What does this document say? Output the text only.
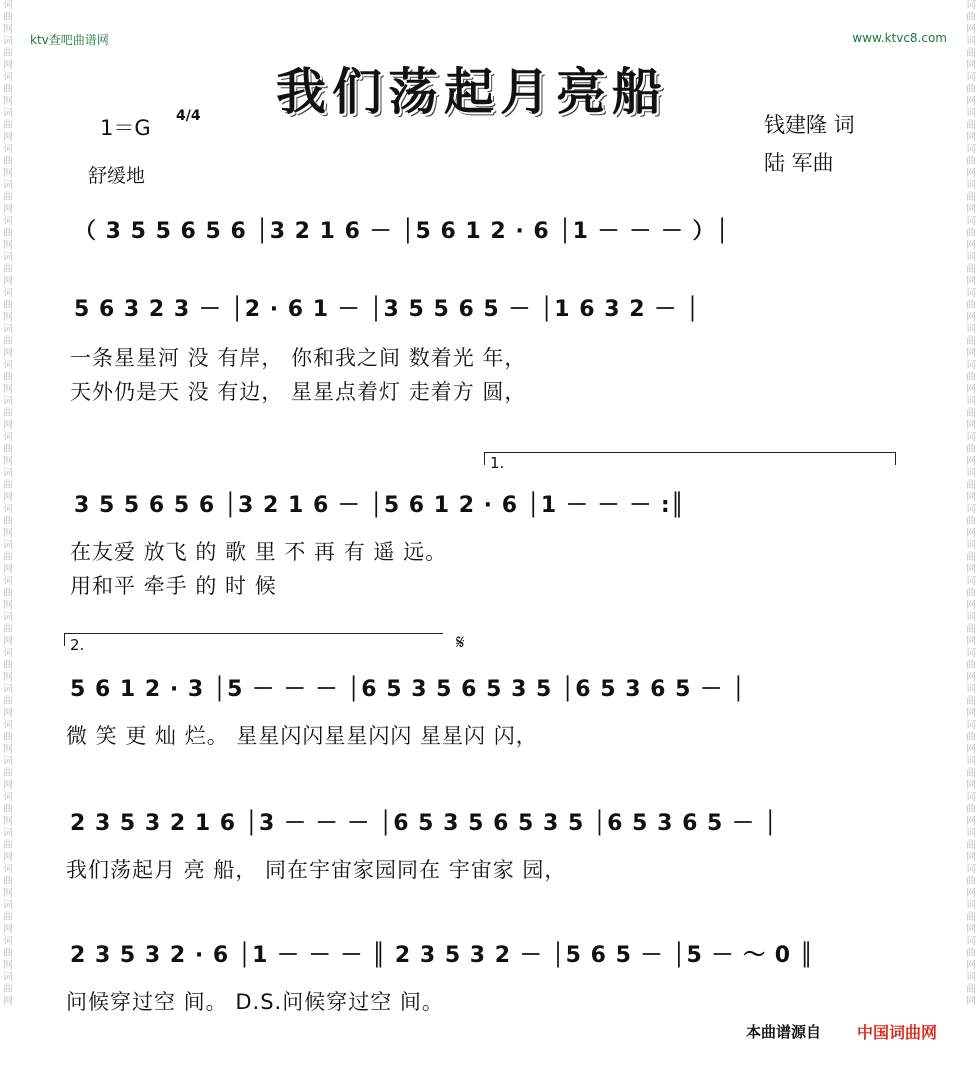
词曲网词曲网词曲网词曲网词曲网词曲网词曲网词曲网词曲网词曲网词曲网词曲网词曲网词曲网词曲网词曲网词曲网词曲网词曲网词曲网词曲网词曲网词曲网词曲网词曲网词曲网词曲网词曲网
词曲网词曲网词曲网词曲网词曲网词曲网词曲网词曲网词曲网词曲网词曲网词曲网词曲网词曲网词曲网词曲网词曲网词曲网词曲网词曲网词曲网词曲网词曲网词曲网词曲网词曲网词曲网词曲网
ktv查吧曲谱网	www.ktvc8.com
我们荡起月亮船
1＝G 4/4
舒缓地
钱建隆 词
陆 军曲
（ 3 5 5 6 5 6 │3 2 1 6 － │5 6 1 2 · 6 │1 － － － ）│
5 6 3 2 3 － │2 · 6 1 － │3 5 5 6 5 － │1 6 3 2 － │
一条星星河 没 有岸， 你和我之间 数着光 年，
天外仍是天 没 有边， 星星点着灯 走着方 圆，
1.
3 5 5 6 5 6 │3 2 1 6 － │5 6 1 2 · 6 │1 － － － :║
在友爱 放飞 的 歌 里 不 再 有 遥 远。
用和平 牵手 的 时 候
2.	𝄋
5 6 1 2 · 3 │5 － － － │6 5 3 5 6 5 3 5 │6 5 3 6 5 － │
微 笑 更 灿 烂。 星星闪闪星星闪闪 星星闪 闪，
2 3 5 3 2 1 6 │3 － － － │6 5 3 5 6 5 3 5 │6 5 3 6 5 － │
我们荡起月 亮 船， 同在宇宙家园同在 宇宙家 园，
2 3 5 3 2 · 6 │1 － － － ║ 2 3 5 3 2 － │5 6 5 － │5 － ～ 0 ║
问候穿过空 间。 D.S.问候穿过空 间。
本曲谱源自 中国词曲网
